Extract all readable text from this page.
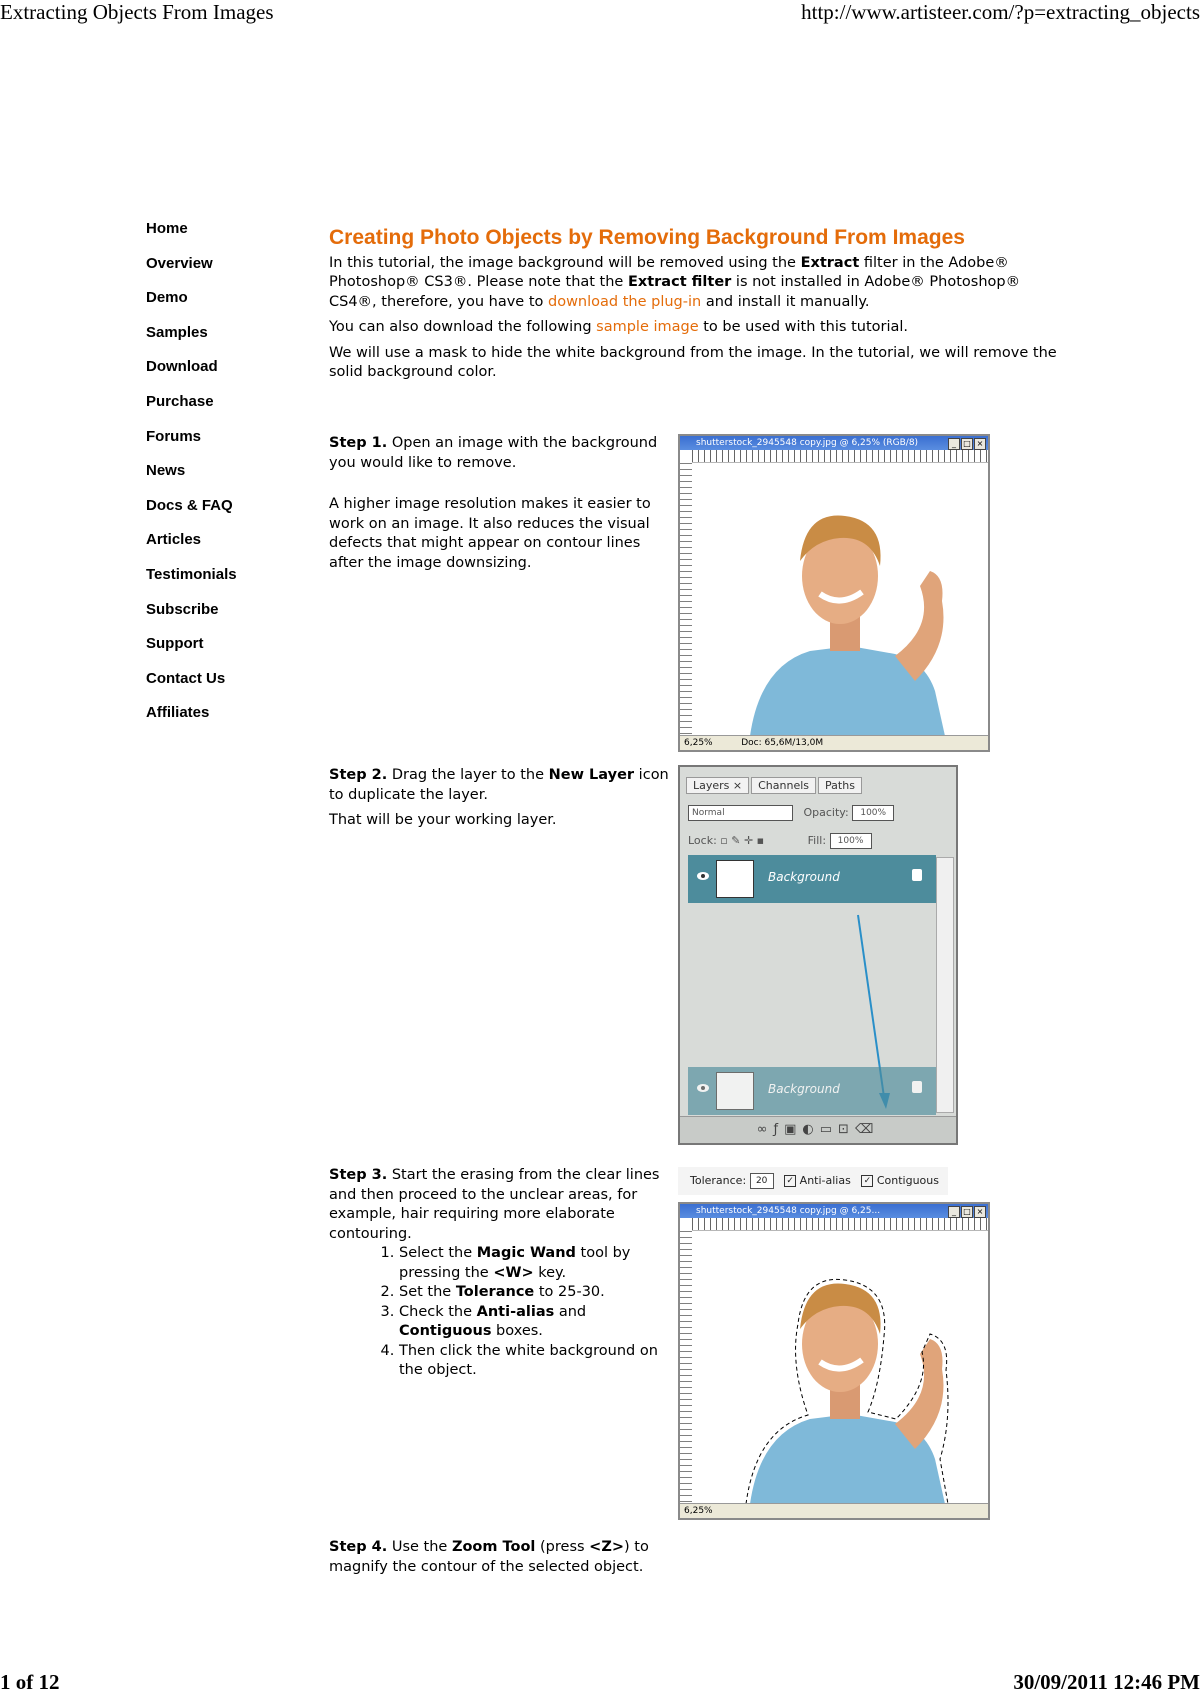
Extracting Objects From Images	http://www.artisteer.com/?p=extracting_objects
1 of 12	30/09/2011 12:46 PM
Home
Overview
Demo
Samples
Download
Purchase
Forums
News
Docs & FAQ
Articles
Testimonials
Subscribe
Support
Contact Us
Affiliates
Creating Photo Objects by Removing Background From Images

In this tutorial, the image background will be removed using the Extract filter in the Adobe® Photoshop® CS3®. Please note that the Extract filter is not installed in Adobe® Photoshop® CS4®, therefore, you have to download the plug-in and install it manually.

You can also download the following sample image to be used with this tutorial.

We will use a mask to hide the white background from the image. In the tutorial, we will remove the solid background color.

Step 1. Open an image with the background you would like to remove.

A higher image resolution makes it easier to work on an image. It also reduces the visual defects that might appear on contour lines after the image downsizing.

shutterstock_2945548 copy.jpg @ 6,25% (RGB/8)	_ □ ×
6,25%	Doc: 65,6M/13,0M

Step 2. Drag the layer to the New Layer icon to duplicate the layer.

That will be your working layer.

Layers × Channels Paths
Normal	Opacity: 100%
Lock: ▫ ✎ ✛ ▪	Fill: 100%
Background
Background
∞ƒ▣◐▭⊡⌫

Step 3. Start the erasing from the clear lines and then proceed to the unclear areas, for example, hair requiring more elaborate contouring.

1. Select the Magic Wand tool by pressing the <W> key.
2. Set the Tolerance to 25-30.
3. Check the Anti-alias and Contiguous boxes.
4. Then click the white background on the object.
Tolerance: 20 ✓ Anti-alias ✓ Contiguous
shutterstock_2945548 copy.jpg @ 6,25...	_ □ ×
6,25%

Step 4. Use the Zoom Tool (press <Z>) to magnify the contour of the selected object.
